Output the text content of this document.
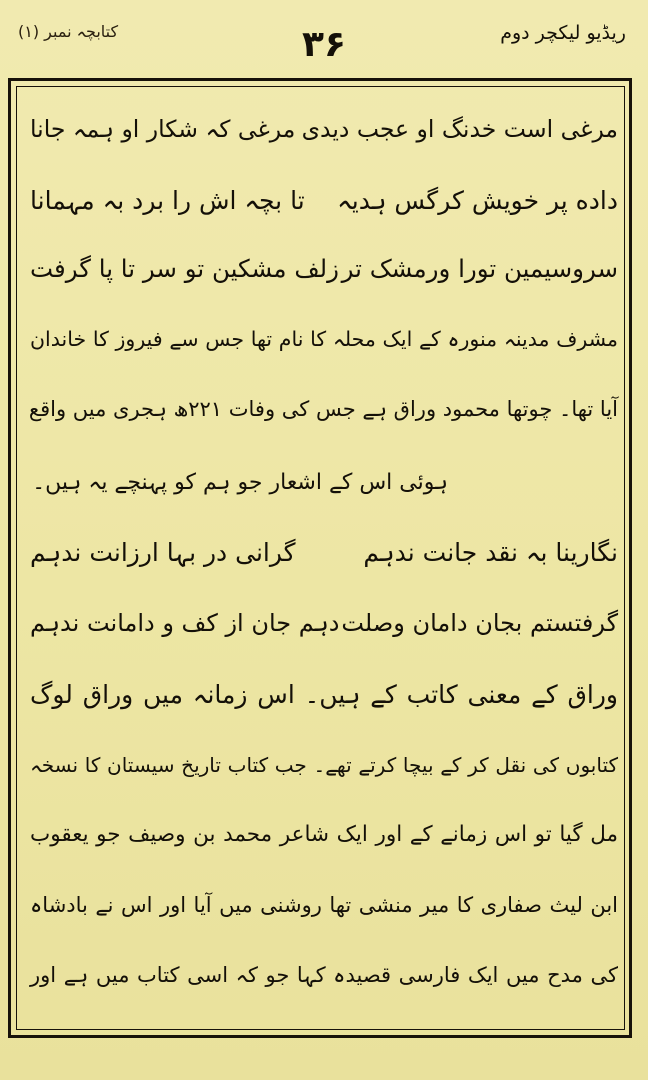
ریڈیو لیکچر دوم
۳۶
کتابچہ نمبر (۱)
مرغی است خدنگ او عجب دیدی
مرغی کہ شکار او ہمہ جانا
داده پر خویش کرگس ہدیہ
تا بچہ اش را برد بہ مہمانا
سروسیمین تورا ورمشک تر
زلف مشکین تو سر تا پا گرفت
مشرف مدینہ منورہ کے ایک محلہ کا نام تھا جس سے فیروز کا خاندان
آیا تھا۔ چوتھا محمود وراق ہے جس کی وفات ۲۲۱ھ ہجری میں واقع
ہوئی اس کے اشعار جو ہم کو پہنچے یہ ہیں۔
نگارینا بہ نقد جانت ندہم
گرانی در بہا ارزانت ندہم
گرفتستم بجان دامان وصلت
دہم جان از کف و دامانت ندہم
وراق کے معنی کاتب کے ہیں۔ اس زمانہ میں وراق لوگ
کتابوں کی نقل کر کے بیچا کرتے تھے۔ جب کتاب تاریخ سیستان کا نسخہ
مل گیا تو اس زمانے کے اور ایک شاعر محمد بن وصیف جو یعقوب
ابن لیث صفاری کا میر منشی تھا روشنی میں آیا اور اس نے بادشاہ
کی مدح میں ایک فارسی قصیدہ کہا جو کہ اسی کتاب میں ہے اور
